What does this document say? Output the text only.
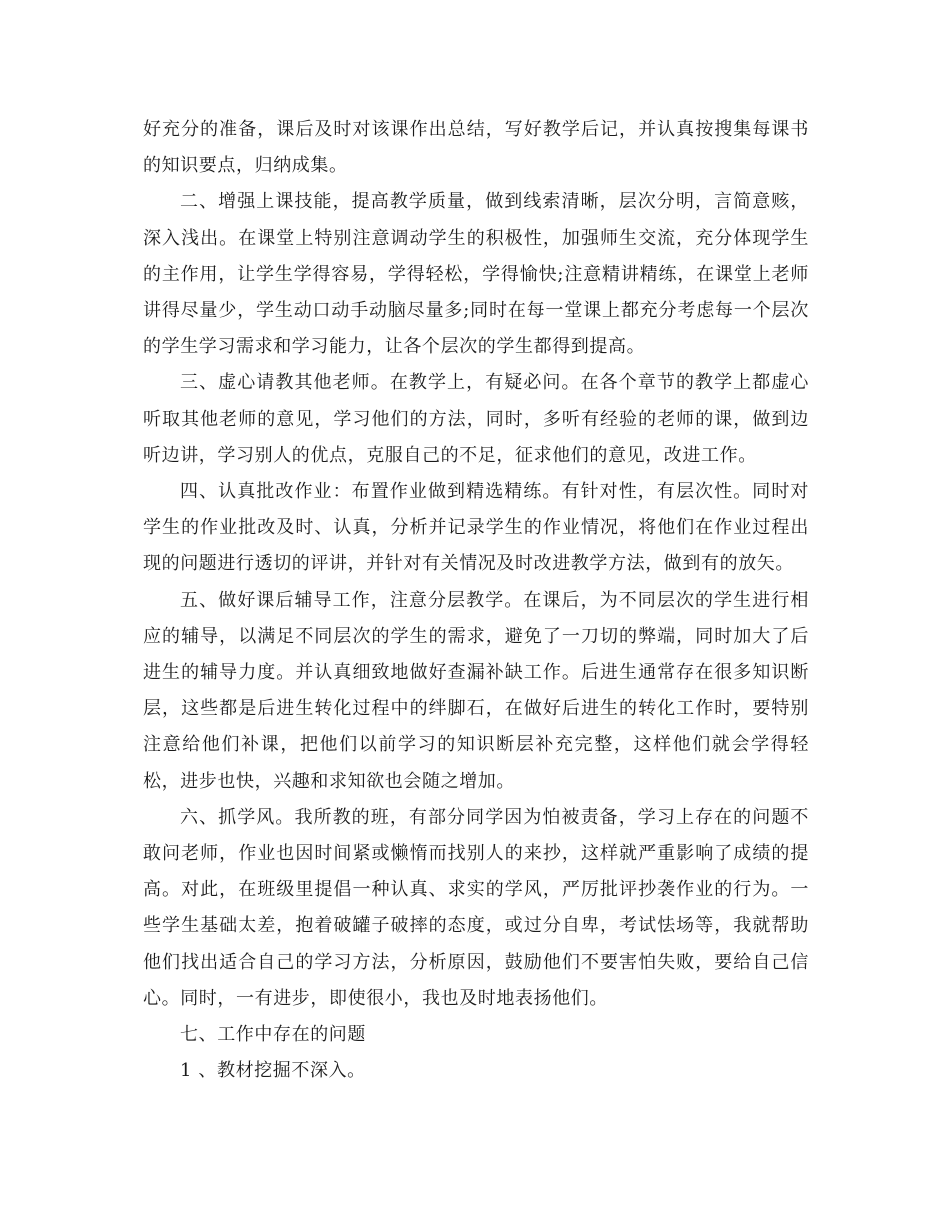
好充分的准备，课后及时对该课作出总结，写好教学后记，并认真按搜集每课书的知识要点，归纳成集。

二、增强上课技能，提高教学质量，做到线索清晰，层次分明，言简意赅，深入浅出。在课堂上特别注意调动学生的积极性，加强师生交流，充分体现学生的主作用，让学生学得容易，学得轻松，学得愉快;注意精讲精练，在课堂上老师讲得尽量少，学生动口动手动脑尽量多;同时在每一堂课上都充分考虑每一个层次的学生学习需求和学习能力，让各个层次的学生都得到提高。

三、虚心请教其他老师。在教学上，有疑必问。在各个章节的教学上都虚心听取其他老师的意见，学习他们的方法，同时，多听有经验的老师的课，做到边听边讲，学习别人的优点，克服自己的不足，征求他们的意见，改进工作。

四、认真批改作业：布置作业做到精选精练。有针对性，有层次性。同时对学生的作业批改及时、认真，分析并记录学生的作业情况，将他们在作业过程出现的问题进行透切的评讲，并针对有关情况及时改进教学方法，做到有的放矢。

五、做好课后辅导工作，注意分层教学。在课后，为不同层次的学生进行相应的辅导，以满足不同层次的学生的需求，避免了一刀切的弊端，同时加大了后进生的辅导力度。并认真细致地做好查漏补缺工作。后进生通常存在很多知识断层，这些都是后进生转化过程中的绊脚石，在做好后进生的转化工作时，要特别注意给他们补课，把他们以前学习的知识断层补充完整，这样他们就会学得轻松，进步也快，兴趣和求知欲也会随之增加。

六、抓学风。我所教的班，有部分同学因为怕被责备，学习上存在的问题不敢问老师，作业也因时间紧或懒惰而找别人的来抄，这样就严重影响了成绩的提高。对此，在班级里提倡一种认真、求实的学风，严厉批评抄袭作业的行为。一些学生基础太差，抱着破罐子破摔的态度，或过分自卑，考试怯场等，我就帮助他们找出适合自己的学习方法，分析原因，鼓励他们不要害怕失败，要给自己信心。同时，一有进步，即使很小，我也及时地表扬他们。

七、工作中存在的问题

1 、教材挖掘不深入。
